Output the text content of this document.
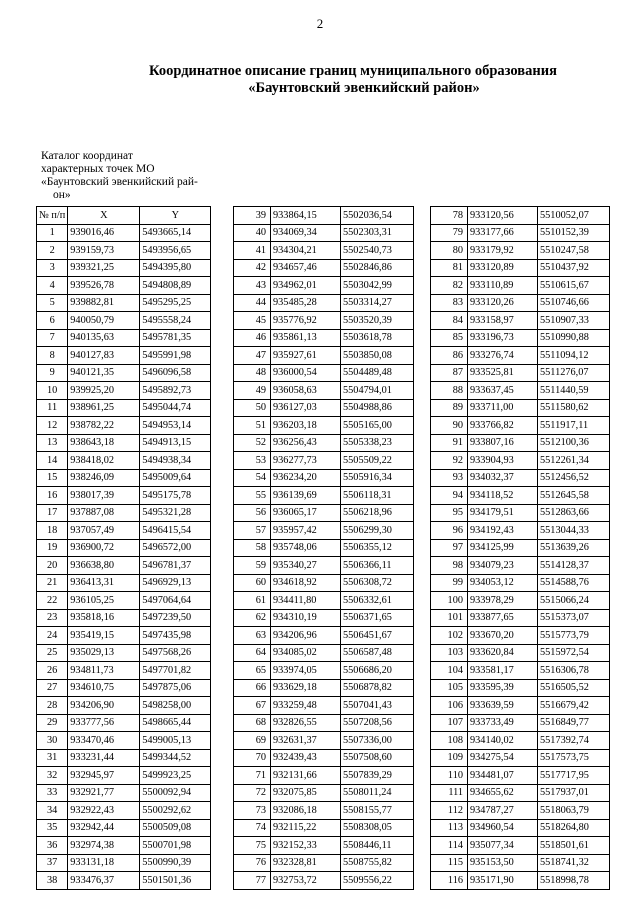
2
Координатное описание границ муниципального образования
«Баунтовский эвенкийский район»
Каталог координат
характерных точек МО
«Баунтовский эвенкийский рай-
он»
№ п/п	X	Y
1	939016,46	5493665,14
2	939159,73	5493956,65
3	939321,25	5494395,80
4	939526,78	5494808,89
5	939882,81	5495295,25
6	940050,79	5495558,24
7	940135,63	5495781,35
8	940127,83	5495991,98
9	940121,35	5496096,58
10	939925,20	5495892,73
11	938961,25	5495044,74
12	938782,22	5494953,14
13	938643,18	5494913,15
14	938418,02	5494938,34
15	938246,09	5495009,64
16	938017,39	5495175,78
17	937887,08	5495321,28
18	937057,49	5496415,54
19	936900,72	5496572,00
20	936638,80	5496781,37
21	936413,31	5496929,13
22	936105,25	5497064,64
23	935818,16	5497239,50
24	935419,15	5497435,98
25	935029,13	5497568,26
26	934811,73	5497701,82
27	934610,75	5497875,06
28	934206,90	5498258,00
29	933777,56	5498665,44
30	933470,46	5499005,13
31	933231,44	5499344,52
32	932945,97	5499923,25
33	932921,77	5500092,94
34	932922,43	5500292,62
35	932942,44	5500509,08
36	932974,38	5500701,98
37	933131,18	5500990,39
38	933476,37	5501501,36
39	933864,15	5502036,54
40	934069,34	5502303,31
41	934304,21	5502540,73
42	934657,46	5502846,86
43	934962,01	5503042,99
44	935485,28	5503314,27
45	935776,92	5503520,39
46	935861,13	5503618,78
47	935927,61	5503850,08
48	936000,54	5504489,48
49	936058,63	5504794,01
50	936127,03	5504988,86
51	936203,18	5505165,00
52	936256,43	5505338,23
53	936277,73	5505509,22
54	936234,20	5505916,34
55	936139,69	5506118,31
56	936065,17	5506218,96
57	935957,42	5506299,30
58	935748,06	5506355,12
59	935340,27	5506366,11
60	934618,92	5506308,72
61	934411,80	5506332,61
62	934310,19	5506371,65
63	934206,96	5506451,67
64	934085,02	5506587,48
65	933974,05	5506686,20
66	933629,18	5506878,82
67	933259,48	5507041,43
68	932826,55	5507208,56
69	932631,37	5507336,00
70	932439,43	5507508,60
71	932131,66	5507839,29
72	932075,85	5508011,24
73	932086,18	5508155,77
74	932115,22	5508308,05
75	932152,33	5508446,11
76	932328,81	5508755,82
77	932753,72	5509556,22
78	933120,56	5510052,07
79	933177,66	5510152,39
80	933179,92	5510247,58
81	933120,89	5510437,92
82	933110,89	5510615,67
83	933120,26	5510746,66
84	933158,97	5510907,33
85	933196,73	5510990,88
86	933276,74	5511094,12
87	933525,81	5511276,07
88	933637,45	5511440,59
89	933711,00	5511580,62
90	933766,82	5511917,11
91	933807,16	5512100,36
92	933904,93	5512261,34
93	934032,37	5512456,52
94	934118,52	5512645,58
95	934179,51	5512863,66
96	934192,43	5513044,33
97	934125,99	5513639,26
98	934079,23	5514128,37
99	934053,12	5514588,76
100	933978,29	5515066,24
101	933877,65	5515373,07
102	933670,20	5515773,79
103	933620,84	5515972,54
104	933581,17	5516306,78
105	933595,39	5516505,52
106	933639,59	5516679,42
107	933733,49	5516849,77
108	934140,02	5517392,74
109	934275,54	5517573,75
110	934481,07	5517717,95
111	934655,62	5517937,01
112	934787,27	5518063,79
113	934960,54	5518264,80
114	935077,34	5518501,61
115	935153,50	5518741,32
116	935171,90	5518998,78
